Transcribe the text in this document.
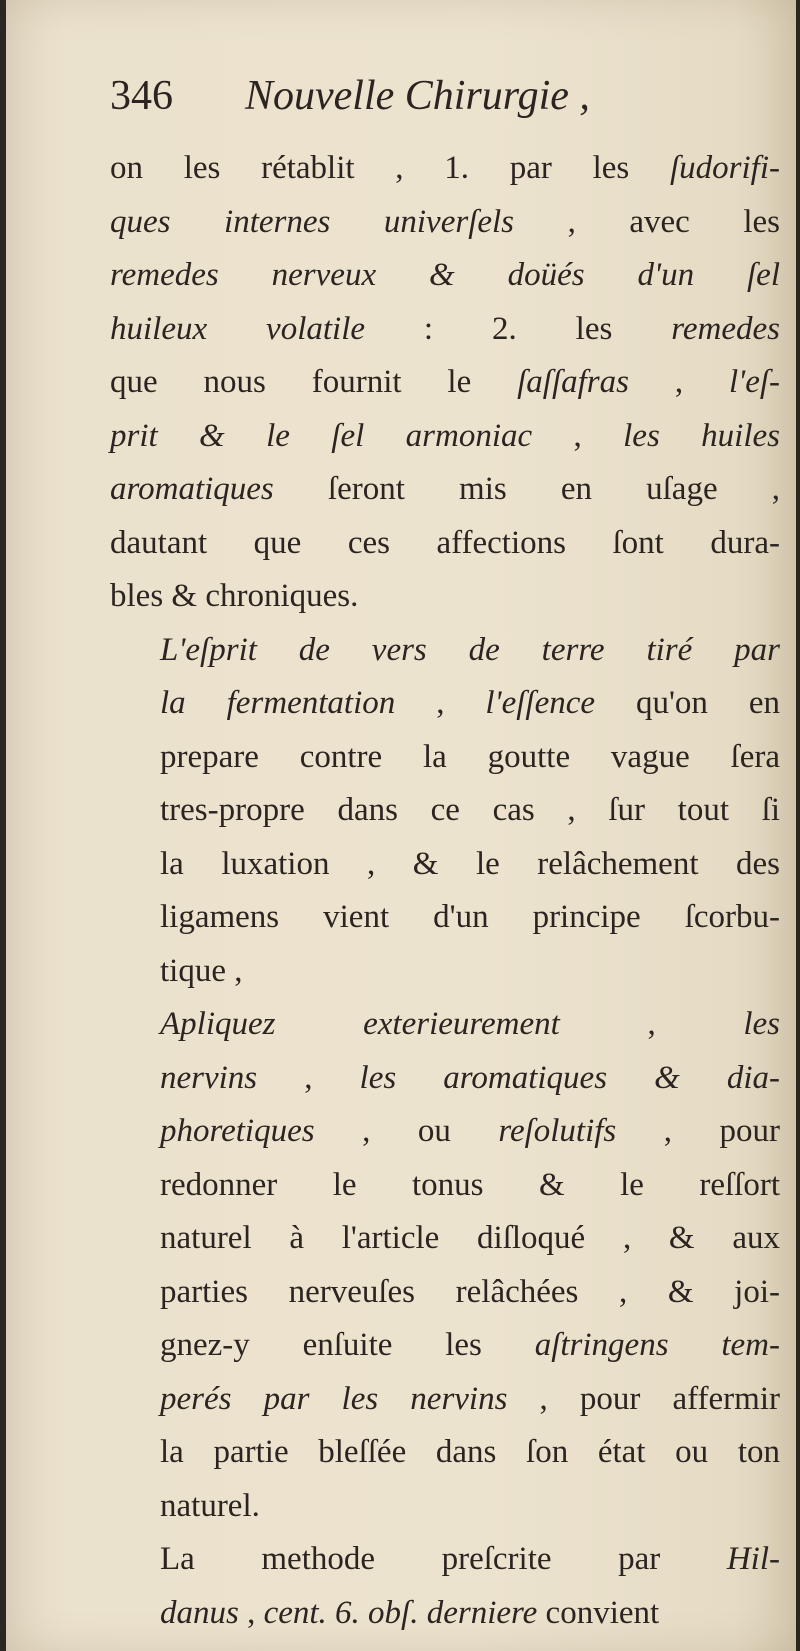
346	Nouvelle Chirurgie ,
on les rétablit , 1. par les ſudorifi-
ques internes univerſels , avec les
remedes nerveux & doüés d'un ſel
huileux volatile : 2. les remedes
que nous fournit le ſaſſafras , l'eſ-
prit & le ſel armoniac , les huiles
aromatiques ſeront mis en uſage ,
dautant que ces affections ſont dura-
bles & chroniques.
L'eſprit de vers de terre tiré par
la fermentation , l'eſſence qu'on en
prepare contre la goutte vague ſera
tres-propre dans ce cas , ſur tout ſi
la luxation , & le relâchement des
ligamens vient d'un principe ſcorbu-
tique ,
Apliquez exterieurement , les
nervins , les aromatiques & dia-
phoretiques , ou reſolutifs , pour
redonner le tonus & le reſſort
naturel à l'article diſloqué , & aux
parties nerveuſes relâchées , & joi-
gnez-y enſuite les aſtringens tem-
perés par les nervins , pour affermir
la partie bleſſée dans ſon état ou ton
naturel.
La methode preſcrite par Hil-
danus , cent. 6. obſ. derniere convient
